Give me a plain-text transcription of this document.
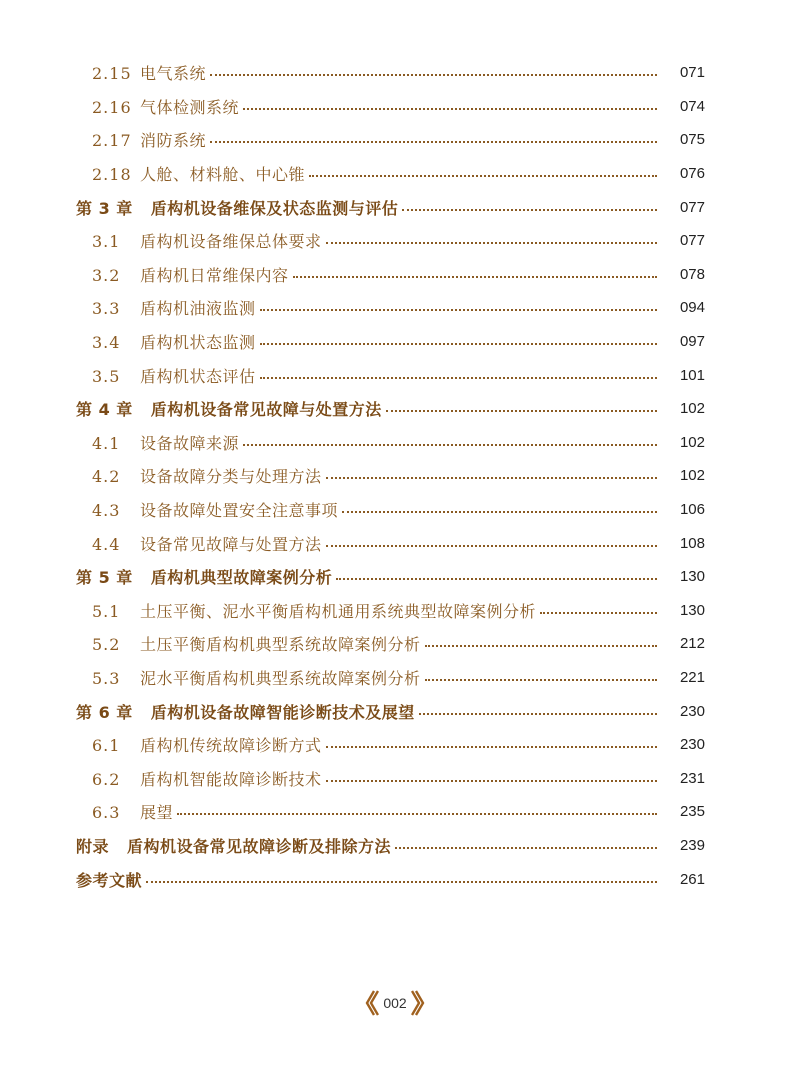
2.15 电气系统	071
2.16 气体检测系统	074
2.17 消防系统	075
2.18 人舱、材料舱、中心锥	076
第 3 章 盾构机设备维保及状态监测与评估	077
3.1	盾构机设备维保总体要求	077
3.2	盾构机日常维保内容	078
3.3	盾构机油液监测	094
3.4	盾构机状态监测	097
3.5	盾构机状态评估	101
第 4 章 盾构机设备常见故障与处置方法	102
4.1	设备故障来源	102
4.2	设备故障分类与处理方法	102
4.3	设备故障处置安全注意事项	106
4.4	设备常见故障与处置方法	108
第 5 章 盾构机典型故障案例分析	130
5.1	土压平衡、泥水平衡盾构机通用系统典型故障案例分析	130
5.2	土压平衡盾构机典型系统故障案例分析	212
5.3	泥水平衡盾构机典型系统故障案例分析	221
第 6 章 盾构机设备故障智能诊断技术及展望	230
6.1	盾构机传统故障诊断方式	230
6.2	盾构机智能故障诊断技术	231
6.3	展望	235
附录 盾构机设备常见故障诊断及排除方法	239
参考文献	261
002
